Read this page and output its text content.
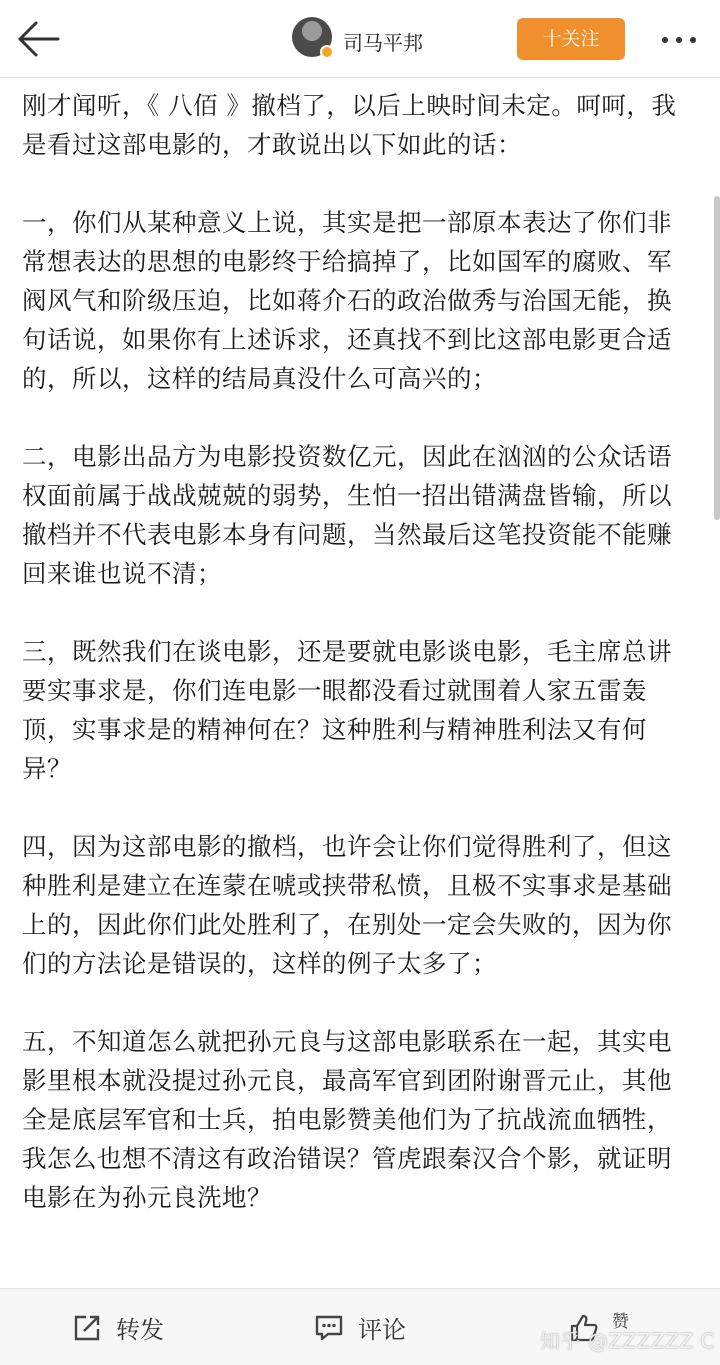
司马平邦	十关注

刚才闻听，《 八佰 》撤档了，以后上映时间未定。呵呵，我是看过这部电影的，才敢说出以下如此的话：

一，你们从某种意义上说，其实是把一部原本表达了你们非常想表达的思想的电影终于给搞掉了，比如国军的腐败、军阀风气和阶级压迫，比如蒋介石的政治做秀与治国无能，换句话说，如果你有上述诉求，还真找不到比这部电影更合适的，所以，这样的结局真没什么可高兴的；

二，电影出品方为电影投资数亿元，因此在汹汹的公众话语权面前属于战战兢兢的弱势，生怕一招出错满盘皆输，所以撤档并不代表电影本身有问题，当然最后这笔投资能不能赚回来谁也说不清；

三，既然我们在谈电影，还是要就电影谈电影，毛主席总讲要实事求是，你们连电影一眼都没看过就围着人家五雷轰顶，实事求是的精神何在？这种胜利与精神胜利法又有何异？

四，因为这部电影的撤档，也许会让你们觉得胜利了，但这种胜利是建立在连蒙在唬或挟带私愤，且极不实事求是基础上的，因此你们此处胜利了，在别处一定会失败的，因为你们的方法论是错误的，这样的例子太多了；

五，不知道怎么就把孙元良与这部电影联系在一起，其实电影里根本就没提过孙元良，最高军官到团附谢晋元止，其他全是底层军官和士兵，拍电影赞美他们为了抗战流血牺牲，我怎么也想不清这有政治错误？管虎跟秦汉合个影，就证明电影在为孙元良洗地？

转发	评论	赞
知乎 @ZZZZZZ C
